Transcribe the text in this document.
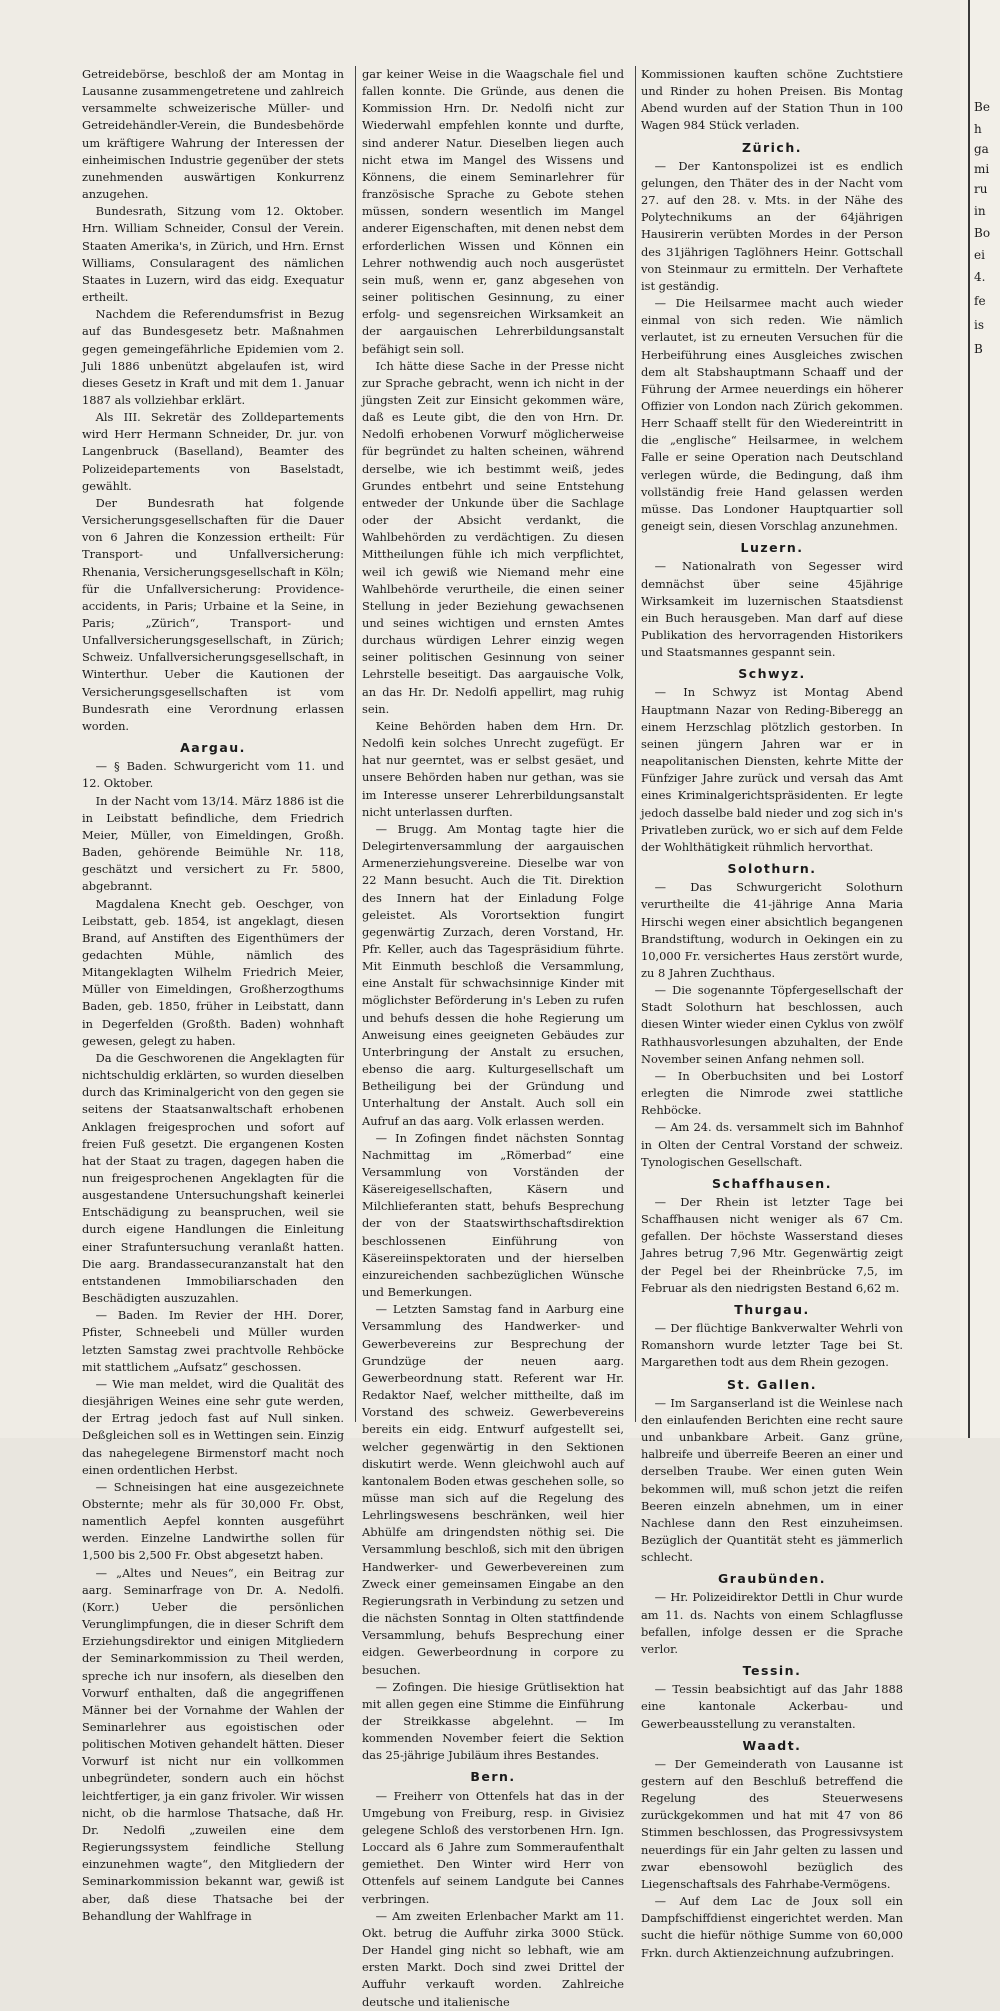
Getreidebörse, beschloß der am Montag in Lausanne zusammengetretene und zahlreich versammelte schweizerische Müller- und Getreidehändler-Verein, die Bundesbehörde um kräftigere Wahrung der Interessen der einheimischen Industrie gegenüber der stets zunehmenden auswärtigen Konkurrenz anzugehen.

Bundesrath, Sitzung vom 12. Oktober. Hrn. William Schneider, Consul der Verein. Staaten Amerika's, in Zürich, und Hrn. Ernst Williams, Consularagent des nämlichen Staates in Luzern, wird das eidg. Exequatur ertheilt.

Nachdem die Referendumsfrist in Bezug auf das Bundesgesetz betr. Maßnahmen gegen gemeingefährliche Epidemien vom 2. Juli 1886 unbenützt abgelaufen ist, wird dieses Gesetz in Kraft und mit dem 1. Januar 1887 als vollziehbar erklärt.

Als III. Sekretär des Zolldepartements wird Herr Hermann Schneider, Dr. jur. von Langenbruck (Baselland), Beamter des Polizeidepartements von Baselstadt, gewählt.

Der Bundesrath hat folgende Versicherungsgesellschaften für die Dauer von 6 Jahren die Konzession ertheilt: Für Transport- und Unfallversicherung: Rhenania, Versicherungsgesellschaft in Köln; für die Unfallversicherung: Providence-accidents, in Paris; Urbaine et la Seine, in Paris; „Zürich“, Transport- und Unfallversicherungsgesellschaft, in Zürich; Schweiz. Unfallversicherungsgesellschaft, in Winterthur. Ueber die Kautionen der Versicherungsgesellschaften ist vom Bundesrath eine Verordnung erlassen worden.

Aargau.

— § Baden. Schwurgericht vom 11. und 12. Oktober.

In der Nacht vom 13/14. März 1886 ist die in Leibstatt befindliche, dem Friedrich Meier, Müller, von Eimeldingen, Großh. Baden, gehörende Beimühle Nr. 118, geschätzt und versichert zu Fr. 5800, abgebrannt.

Magdalena Knecht geb. Oeschger, von Leibstatt, geb. 1854, ist angeklagt, diesen Brand, auf Anstiften des Eigenthümers der gedachten Mühle, nämlich des Mitangeklagten Wilhelm Friedrich Meier, Müller von Eimeldingen, Großherzogthums Baden, geb. 1850, früher in Leibstatt, dann in Degerfelden (Großth. Baden) wohnhaft gewesen, gelegt zu haben.

Da die Geschworenen die Angeklagten für nichtschuldig erklärten, so wurden dieselben durch das Kriminalgericht von den gegen sie seitens der Staatsanwaltschaft erhobenen Anklagen freigesprochen und sofort auf freien Fuß gesetzt. Die ergangenen Kosten hat der Staat zu tragen, dagegen haben die nun freigesprochenen Angeklagten für die ausgestandene Untersuchungshaft keinerlei Entschädigung zu beanspruchen, weil sie durch eigene Handlungen die Einleitung einer Strafuntersuchung veranlaßt hatten. Die aarg. Brandassecuranzanstalt hat den entstandenen Immobiliarschaden den Beschädigten auszuzahlen.

— Baden. Im Revier der HH. Dorer, Pfister, Schneebeli und Müller wurden letzten Samstag zwei prachtvolle Rehböcke mit stattlichem „Aufsatz“ geschossen.

— Wie man meldet, wird die Qualität des diesjährigen Weines eine sehr gute werden, der Ertrag jedoch fast auf Null sinken. Deßgleichen soll es in Wettingen sein. Einzig das nahegelegene Birmenstorf macht noch einen ordentlichen Herbst.

— Schneisingen hat eine ausgezeichnete Obsternte; mehr als für 30,000 Fr. Obst, namentlich Aepfel konnten ausgeführt werden. Einzelne Landwirthe sollen für 1,500 bis 2,500 Fr. Obst abgesetzt haben.

— „Altes und Neues“, ein Beitrag zur aarg. Seminarfrage von Dr. A. Nedolfi. (Korr.) Ueber die persönlichen Verunglimpfungen, die in dieser Schrift dem Erziehungsdirektor und einigen Mitgliedern der Seminarkommission zu Theil werden, spreche ich nur insofern, als dieselben den Vorwurf enthalten, daß die angegriffenen Männer bei der Vornahme der Wahlen der Seminarlehrer aus egoistischen oder politischen Motiven gehandelt hätten. Dieser Vorwurf ist nicht nur ein vollkommen unbegründeter, sondern auch ein höchst leichtfertiger, ja ein ganz frivoler. Wir wissen nicht, ob die harmlose Thatsache, daß Hr. Dr. Nedolfi „zuweilen eine dem Regierungssystem feindliche Stellung einzunehmen wagte“, den Mitgliedern der Seminarkommission bekannt war, gewiß ist aber, daß diese Thatsache bei der Behandlung der Wahlfrage in

gar keiner Weise in die Waagschale fiel und fallen konnte. Die Gründe, aus denen die Kommission Hrn. Dr. Nedolfi nicht zur Wiederwahl empfehlen konnte und durfte, sind anderer Natur. Dieselben liegen auch nicht etwa im Mangel des Wissens und Könnens, die einem Seminarlehrer für französische Sprache zu Gebote stehen müssen, sondern wesentlich im Mangel anderer Eigenschaften, mit denen nebst dem erforderlichen Wissen und Können ein Lehrer nothwendig auch noch ausgerüstet sein muß, wenn er, ganz abgesehen von seiner politischen Gesinnung, zu einer erfolg- und segensreichen Wirksamkeit an der aargauischen Lehrerbildungsanstalt befähigt sein soll.

Ich hätte diese Sache in der Presse nicht zur Sprache gebracht, wenn ich nicht in der jüngsten Zeit zur Einsicht gekommen wäre, daß es Leute gibt, die den von Hrn. Dr. Nedolfi erhobenen Vorwurf möglicherweise für begründet zu halten scheinen, während derselbe, wie ich bestimmt weiß, jedes Grundes entbehrt und seine Entstehung entweder der Unkunde über die Sachlage oder der Absicht verdankt, die Wahlbehörden zu verdächtigen. Zu diesen Mittheilungen fühle ich mich verpflichtet, weil ich gewiß wie Niemand mehr eine Wahlbehörde verurtheile, die einen seiner Stellung in jeder Beziehung gewachsenen und seines wichtigen und ernsten Amtes durchaus würdigen Lehrer einzig wegen seiner politischen Gesinnung von seiner Lehrstelle beseitigt. Das aargauische Volk, an das Hr. Dr. Nedolfi appellirt, mag ruhig sein.

Keine Behörden haben dem Hrn. Dr. Nedolfi kein solches Unrecht zugefügt. Er hat nur geerntet, was er selbst gesäet, und unsere Behörden haben nur gethan, was sie im Interesse unserer Lehrerbildungsanstalt nicht unterlassen durften.

— Brugg. Am Montag tagte hier die Delegirtenversammlung der aargauischen Armenerziehungsvereine. Dieselbe war von 22 Mann besucht. Auch die Tit. Direktion des Innern hat der Einladung Folge geleistet. Als Vorortsektion fungirt gegenwärtig Zurzach, deren Vorstand, Hr. Pfr. Keller, auch das Tagespräsidium führte. Mit Einmuth beschloß die Versammlung, eine Anstalt für schwachsinnige Kinder mit möglichster Beförderung in's Leben zu rufen und behufs dessen die hohe Regierung um Anweisung eines geeigneten Gebäudes zur Unterbringung der Anstalt zu ersuchen, ebenso die aarg. Kulturgesellschaft um Betheiligung bei der Gründung und Unterhaltung der Anstalt. Auch soll ein Aufruf an das aarg. Volk erlassen werden.

— In Zofingen findet nächsten Sonntag Nachmittag im „Römerbad“ eine Versammlung von Vorständen der Käsereigesellschaften, Käsern und Milchlieferanten statt, behufs Besprechung der von der Staatswirthschaftsdirektion beschlossenen Einführung von Käsereiinspektoraten und der hierselben einzureichenden sachbezüglichen Wünsche und Bemerkungen.

— Letzten Samstag fand in Aarburg eine Versammlung des Handwerker- und Gewerbevereins zur Besprechung der Grundzüge der neuen aarg. Gewerbeordnung statt. Referent war Hr. Redaktor Naef, welcher mittheilte, daß im Vorstand des schweiz. Gewerbevereins bereits ein eidg. Entwurf aufgestellt sei, welcher gegenwärtig in den Sektionen diskutirt werde. Wenn gleichwohl auch auf kantonalem Boden etwas geschehen solle, so müsse man sich auf die Regelung des Lehrlingswesens beschränken, weil hier Abhülfe am dringendsten nöthig sei. Die Versammlung beschloß, sich mit den übrigen Handwerker- und Gewerbevereinen zum Zweck einer gemeinsamen Eingabe an den Regierungsrath in Verbindung zu setzen und die nächsten Sonntag in Olten stattfindende Versammlung, behufs Besprechung einer eidgen. Gewerbeordnung in corpore zu besuchen.

— Zofingen. Die hiesige Grütlisektion hat mit allen gegen eine Stimme die Einführung der Streikkasse abgelehnt. — Im kommenden November feiert die Sektion das 25-jährige Jubiläum ihres Bestandes.

Bern.

— Freiherr von Ottenfels hat das in der Umgebung von Freiburg, resp. in Givisiez gelegene Schloß des verstorbenen Hrn. Ign. Loccard als 6 Jahre zum Sommeraufenthalt gemiethet. Den Winter wird Herr von Ottenfels auf seinem Landgute bei Cannes verbringen.

— Am zweiten Erlenbacher Markt am 11. Okt. betrug die Auffuhr zirka 3000 Stück. Der Handel ging nicht so lebhaft, wie am ersten Markt. Doch sind zwei Drittel der Auffuhr verkauft worden. Zahlreiche deutsche und italienische

Kommissionen kauften schöne Zuchtstiere und Rinder zu hohen Preisen. Bis Montag Abend wurden auf der Station Thun in 100 Wagen 984 Stück verladen.

Zürich.

— Der Kantonspolizei ist es endlich gelungen, den Thäter des in der Nacht vom 27. auf den 28. v. Mts. in der Nähe des Polytechnikums an der 64jährigen Hausirerin verübten Mordes in der Person des 31jährigen Taglöhners Heinr. Gottschall von Steinmaur zu ermitteln. Der Verhaftete ist geständig.

— Die Heilsarmee macht auch wieder einmal von sich reden. Wie nämlich verlautet, ist zu erneuten Versuchen für die Herbeiführung eines Ausgleiches zwischen dem alt Stabshauptmann Schaaff und der Führung der Armee neuerdings ein höherer Offizier von London nach Zürich gekommen. Herr Schaaff stellt für den Wiedereintritt in die „englische“ Heilsarmee, in welchem Falle er seine Operation nach Deutschland verlegen würde, die Bedingung, daß ihm vollständig freie Hand gelassen werden müsse. Das Londoner Hauptquartier soll geneigt sein, diesen Vorschlag anzunehmen.

Luzern.

— Nationalrath von Segesser wird demnächst über seine 45jährige Wirksamkeit im luzernischen Staatsdienst ein Buch herausgeben. Man darf auf diese Publikation des hervorragenden Historikers und Staatsmannes gespannt sein.

Schwyz.

— In Schwyz ist Montag Abend Hauptmann Nazar von Reding-Biberegg an einem Herzschlag plötzlich gestorben. In seinen jüngern Jahren war er in neapolitanischen Diensten, kehrte Mitte der Fünfziger Jahre zurück und versah das Amt eines Kriminalgerichtspräsidenten. Er legte jedoch dasselbe bald nieder und zog sich in's Privatleben zurück, wo er sich auf dem Felde der Wohlthätigkeit rühmlich hervorthat.

Solothurn.

— Das Schwurgericht Solothurn verurtheilte die 41-jährige Anna Maria Hirschi wegen einer absichtlich begangenen Brandstiftung, wodurch in Oekingen ein zu 10,000 Fr. versichertes Haus zerstört wurde, zu 8 Jahren Zuchthaus.

— Die sogenannte Töpfergesellschaft der Stadt Solothurn hat beschlossen, auch diesen Winter wieder einen Cyklus von zwölf Rathhausvorlesungen abzuhalten, der Ende November seinen Anfang nehmen soll.

— In Oberbuchsiten und bei Lostorf erlegten die Nimrode zwei stattliche Rehböcke.

— Am 24. ds. versammelt sich im Bahnhof in Olten der Central Vorstand der schweiz. Tynologischen Gesellschaft.

Schaffhausen.

— Der Rhein ist letzter Tage bei Schaffhausen nicht weniger als 67 Cm. gefallen. Der höchste Wasserstand dieses Jahres betrug 7,96 Mtr. Gegenwärtig zeigt der Pegel bei der Rheinbrücke 7,5, im Februar als den niedrigsten Bestand 6,62 m.

Thurgau.

— Der flüchtige Bankverwalter Wehrli von Romanshorn wurde letzter Tage bei St. Margarethen todt aus dem Rhein gezogen.

St. Gallen.

— Im Sarganserland ist die Weinlese nach den einlaufenden Berichten eine recht saure und unbankbare Arbeit. Ganz grüne, halbreife und überreife Beeren an einer und derselben Traube. Wer einen guten Wein bekommen will, muß schon jetzt die reifen Beeren einzeln abnehmen, um in einer Nachlese dann den Rest einzuheimsen. Bezüglich der Quantität steht es jämmerlich schlecht.

Graubünden.

— Hr. Polizeidirektor Dettli in Chur wurde am 11. ds. Nachts von einem Schlagflusse befallen, infolge dessen er die Sprache verlor.

Tessin.

— Tessin beabsichtigt auf das Jahr 1888 eine kantonale Ackerbau- und Gewerbeausstellung zu veranstalten.

Waadt.

— Der Gemeinderath von Lausanne ist gestern auf den Beschluß betreffend die Regelung des Steuerwesens zurückgekommen und hat mit 47 von 86 Stimmen beschlossen, das Progressivsystem neuerdings für ein Jahr gelten zu lassen und zwar ebensowohl bezüglich des Liegenschaftsals des Fahrhabe-Vermögens.

— Auf dem Lac de Joux soll ein Dampfschiffdienst eingerichtet werden. Man sucht die hiefür nöthige Summe von 60,000 Frkn. durch Aktienzeichnung aufzubringen.

Be
h
ga
mi
ru
in
Bo
ei
4.
fe
is
B
